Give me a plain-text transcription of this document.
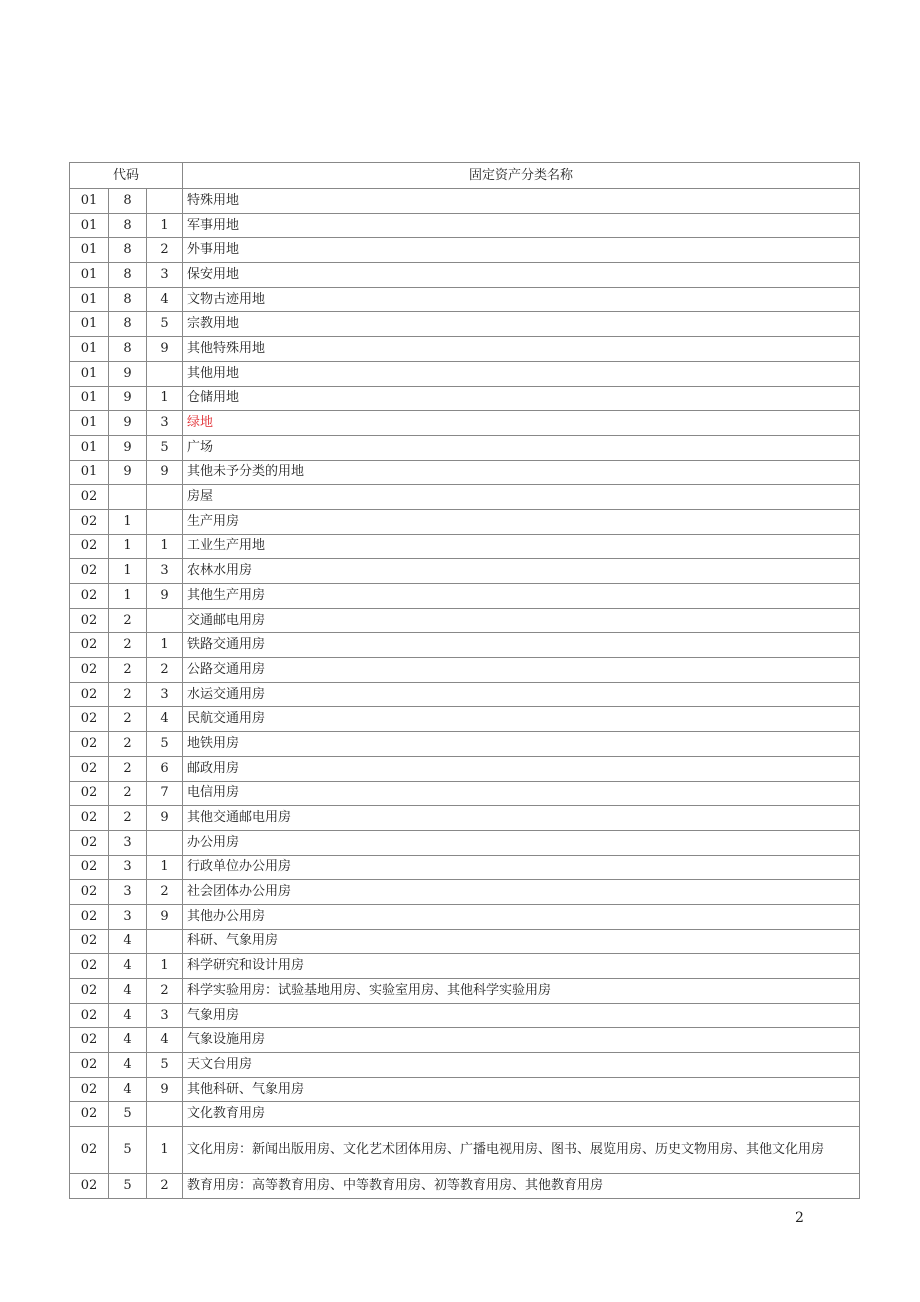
代码			固定资产分类名称
01	8		特殊用地
01	8	1	军事用地
01	8	2	外事用地
01	8	3	保安用地
01	8	4	文物古迹用地
01	8	5	宗教用地
01	8	9	其他特殊用地
01	9		其他用地
01	9	1	仓储用地
01	9	3	绿地
01	9	5	广场
01	9	9	其他未予分类的用地
02			房屋
02	1		生产用房
02	1	1	工业生产用地
02	1	3	农林水用房
02	1	9	其他生产用房
02	2		交通邮电用房
02	2	1	铁路交通用房
02	2	2	公路交通用房
02	2	3	水运交通用房
02	2	4	民航交通用房
02	2	5	地铁用房
02	2	6	邮政用房
02	2	7	电信用房
02	2	9	其他交通邮电用房
02	3		办公用房
02	3	1	行政单位办公用房
02	3	2	社会团体办公用房
02	3	9	其他办公用房
02	4		科研、气象用房
02	4	1	科学研究和设计用房
02	4	2	科学实验用房：试验基地用房、实验室用房、其他科学实验用房
02	4	3	气象用房
02	4	4	气象设施用房
02	4	5	天文台用房
02	4	9	其他科研、气象用房
02	5		文化教育用房
02	5	1	文化用房：新闻出版用房、文化艺术团体用房、广播电视用房、图书、展览用房、历史文物用房、其他文化用房
02	5	2	教育用房：高等教育用房、中等教育用房、初等教育用房、其他教育用房
2
